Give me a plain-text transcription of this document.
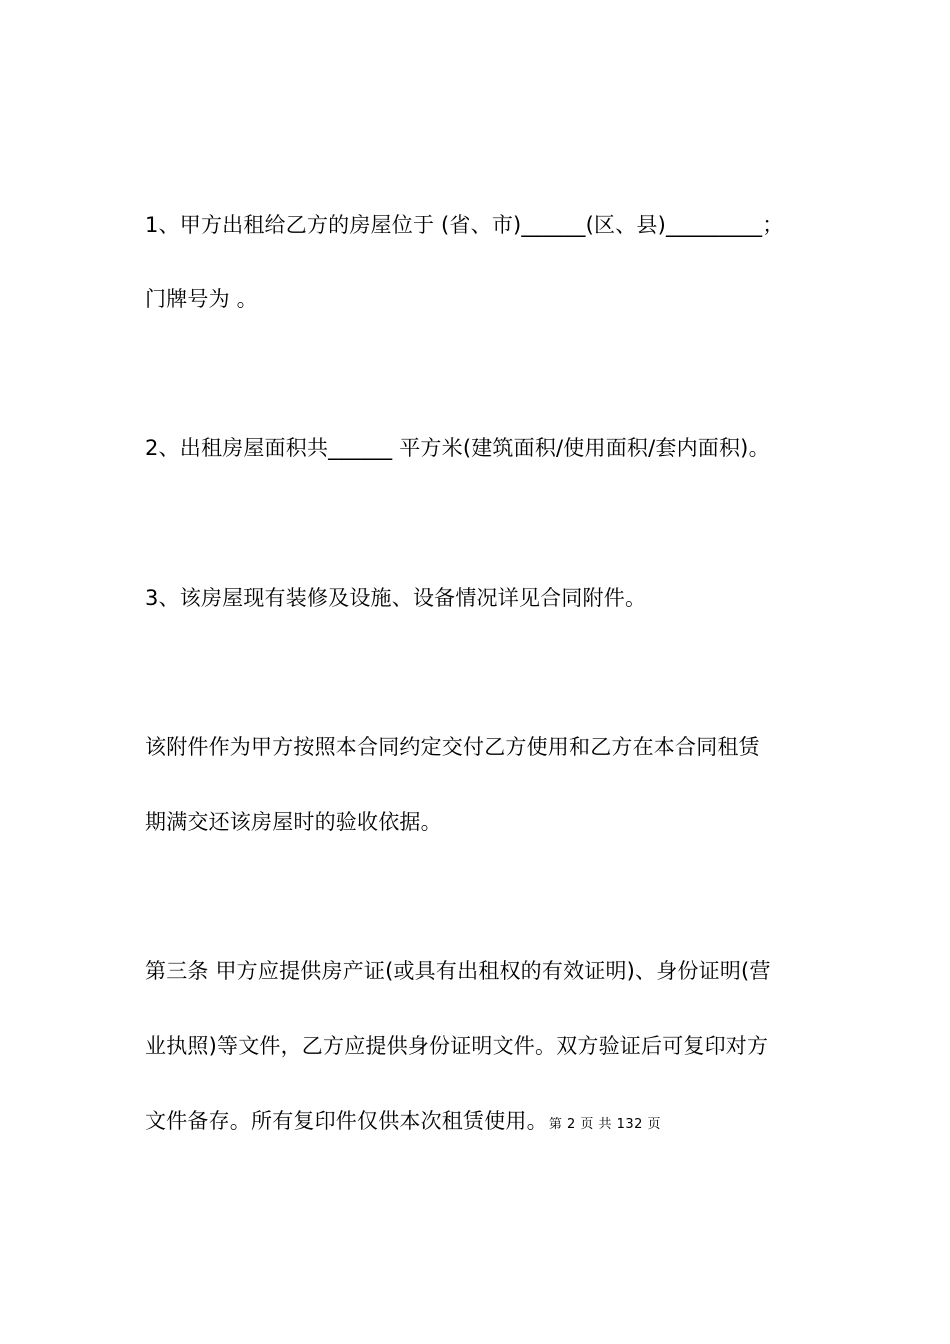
1、甲方出租给乙方的房屋位于 (省、市)______(区、县)_________；
门牌号为 。
2、出租房屋面积共______ 平方米(建筑面积/使用面积/套内面积)。
3、该房屋现有装修及设施、设备情况详见合同附件。
该附件作为甲方按照本合同约定交付乙方使用和乙方在本合同租赁
期满交还该房屋时的验收依据。
第三条 甲方应提供房产证(或具有出租权的有效证明)、身份证明(营
业执照)等文件，乙方应提供身份证明文件。双方验证后可复印对方
文件备存。所有复印件仅供本次租赁使用。第 2 页 共 132 页
